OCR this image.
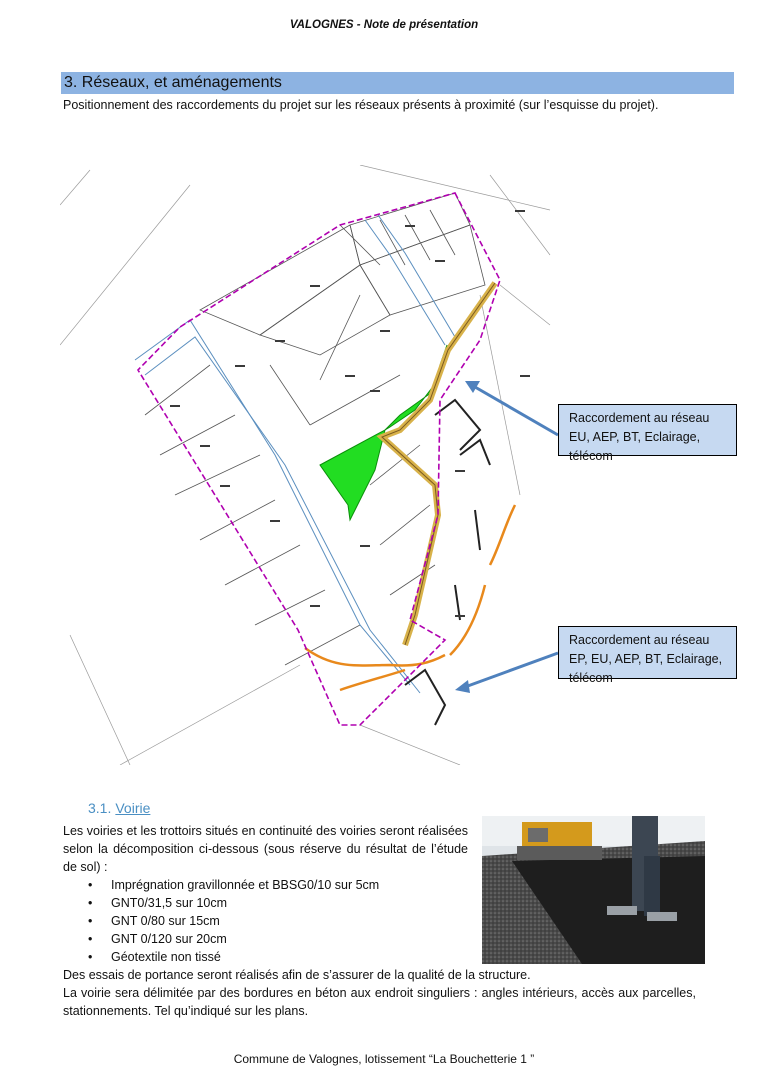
VALOGNES - Note de présentation
3. Réseaux, et aménagements
Positionnement des raccordements du projet sur les réseaux présents à proximité (sur l’esquisse du projet).
Raccordement au réseau EU, AEP, BT, Eclairage, télécom
Raccordement au réseau EP, EU, AEP, BT, Eclairage, télécom
3.1. Voirie
Les voiries et les trottoirs situés en continuité des voiries seront réalisées selon la décomposition ci-dessous (sous réserve du résultat de l’étude de sol) :
• Imprégnation gravillonnée et BBSG0/10 sur 5cm
• GNT0/31,5 sur 10cm
• GNT 0/80 sur 15cm
• GNT 0/120 sur 20cm
• Géotextile non tissé
Des essais de portance seront réalisés afin de s’assurer de la qualité de la structure.
La voirie sera délimitée par des bordures en béton aux endroit singuliers : angles intérieurs, accès aux parcelles, stationnements. Tel qu’indiqué sur les plans.
Commune de Valognes, lotissement “La Bouchetterie 1 ”
